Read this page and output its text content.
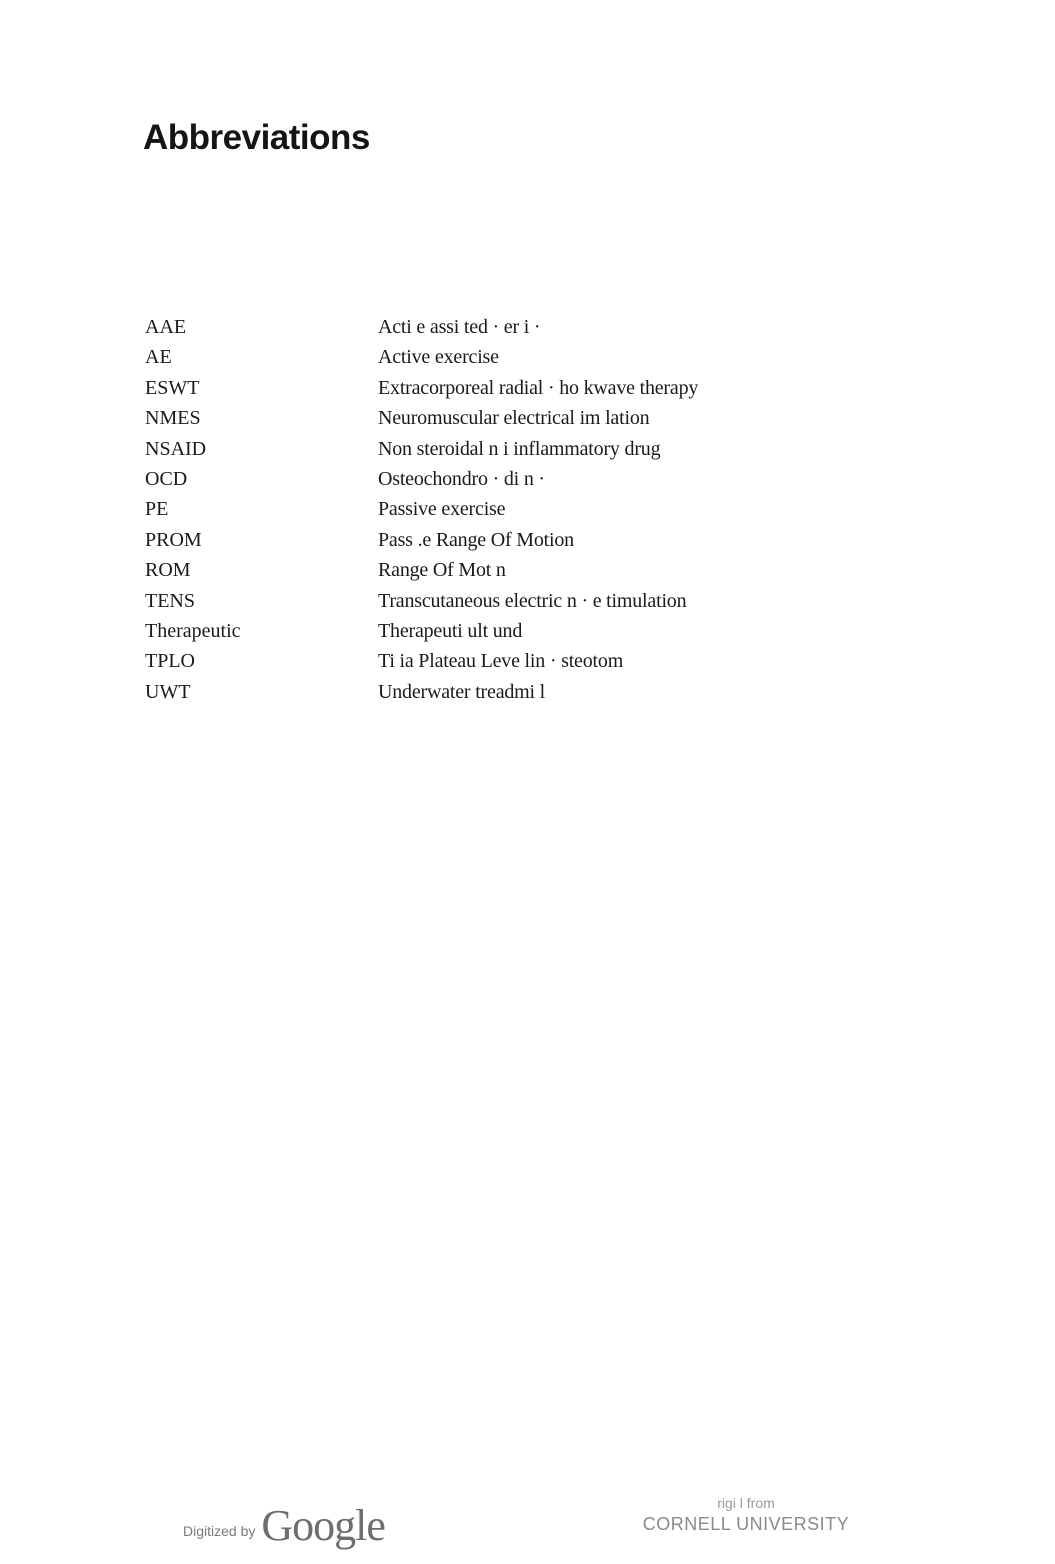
Abbreviations
AAE	Acti e assi ted · er i ·
AE	Active exercise
ESWT	Extracorporeal radial · ho kwave therapy
NMES	Neuromuscular electrical im lation
NSAID	Non steroidal n i inflammatory drug
OCD	Osteochondro · di n ·
PE	Passive exercise
PROM	Pass .e Range Of Motion
ROM	Range Of Mot n
TENS	Transcutaneous electric n · e timulation
Therapeutic	Therapeuti ult und
TPLO	Ti ia Plateau Leve lin · steotom
UWT	Underwater treadmi l
Digitized by Google	rigi l from
CORNELL UNIVERSITY
